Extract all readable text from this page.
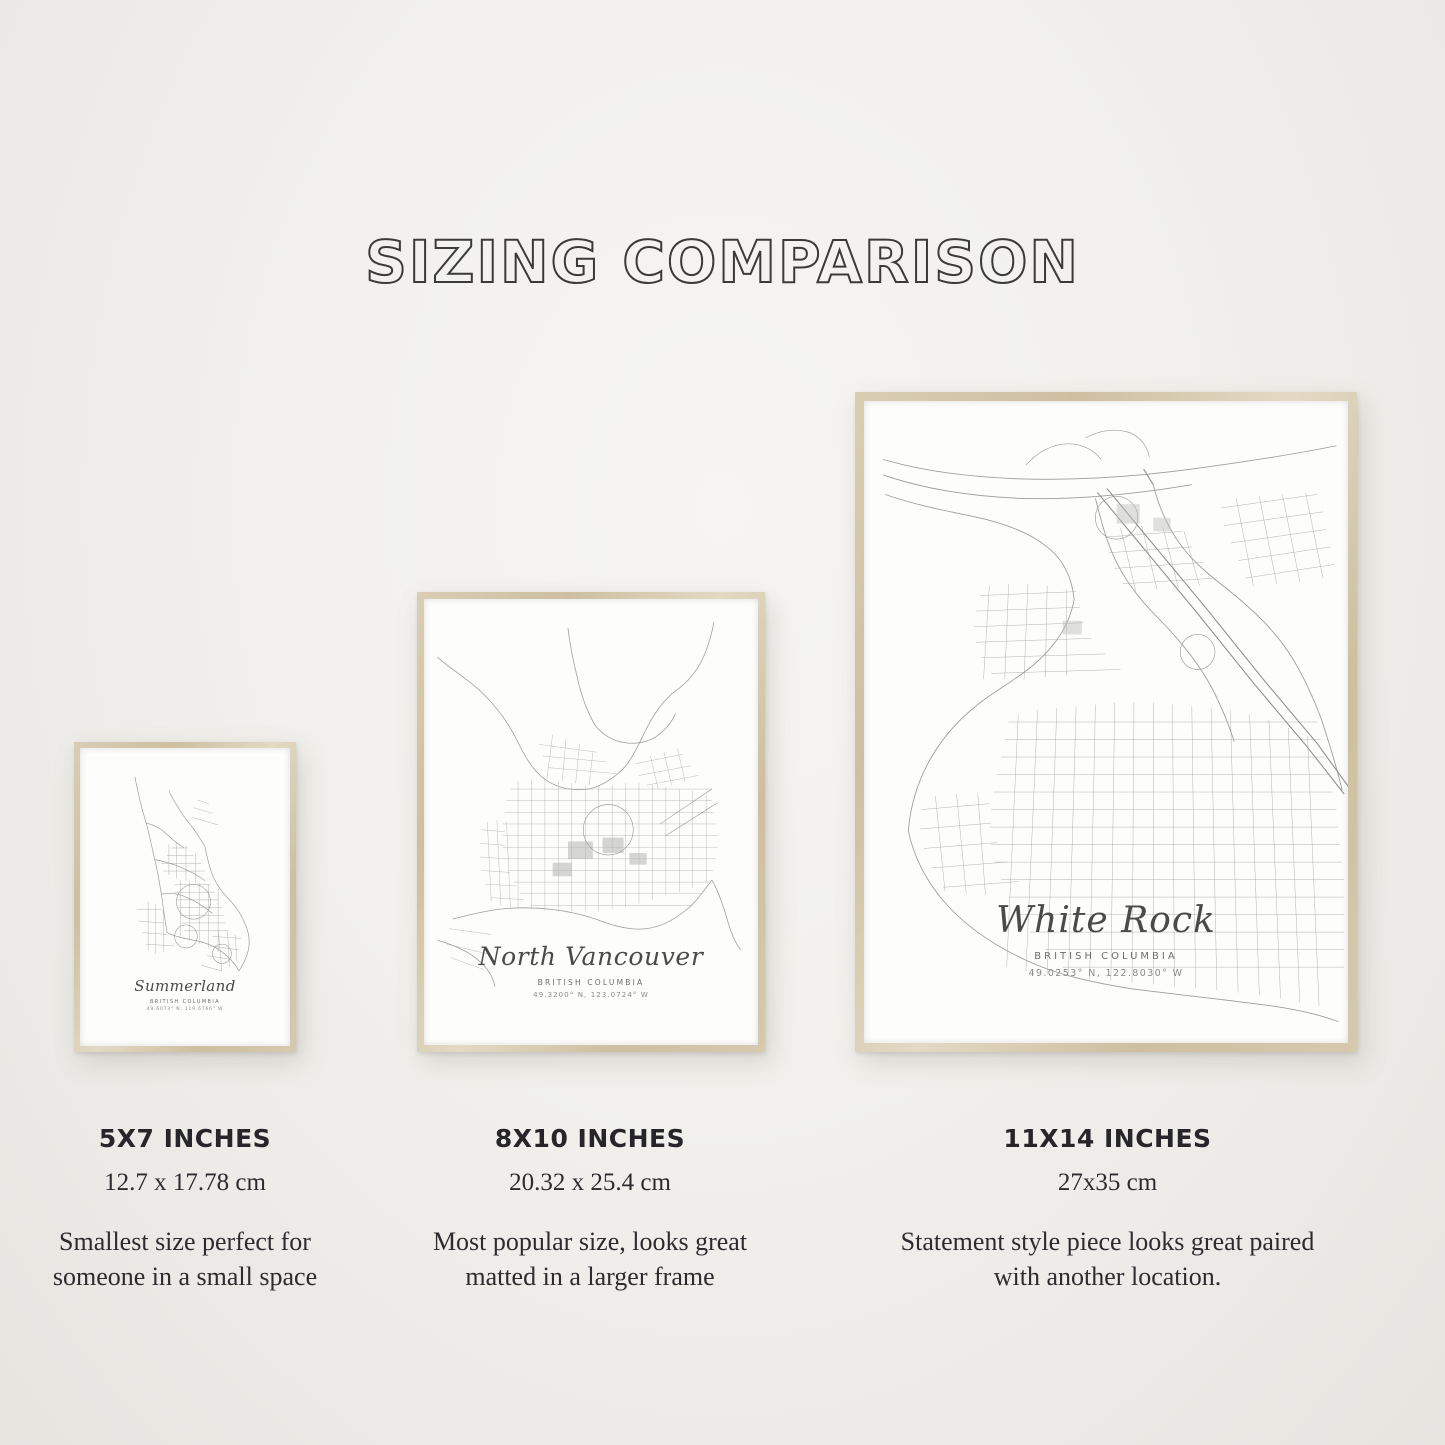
SIZING COMPARISON
Summerland
BRITISH COLUMBIA
49.6073° N, 119.6766° W
North Vancouver
BRITISH COLUMBIA
49.3200° N, 123.0724° W
White Rock
BRITISH COLUMBIA
49.0253° N, 122.8030° W
5X7 INCHES
12.7 x 17.78 cm
Smallest size perfect for someone in a small space
8X10 INCHES
20.32 x 25.4 cm
Most popular size, looks great matted in a larger frame
11X14 INCHES
27x35 cm
Statement style piece looks great paired with another location.
